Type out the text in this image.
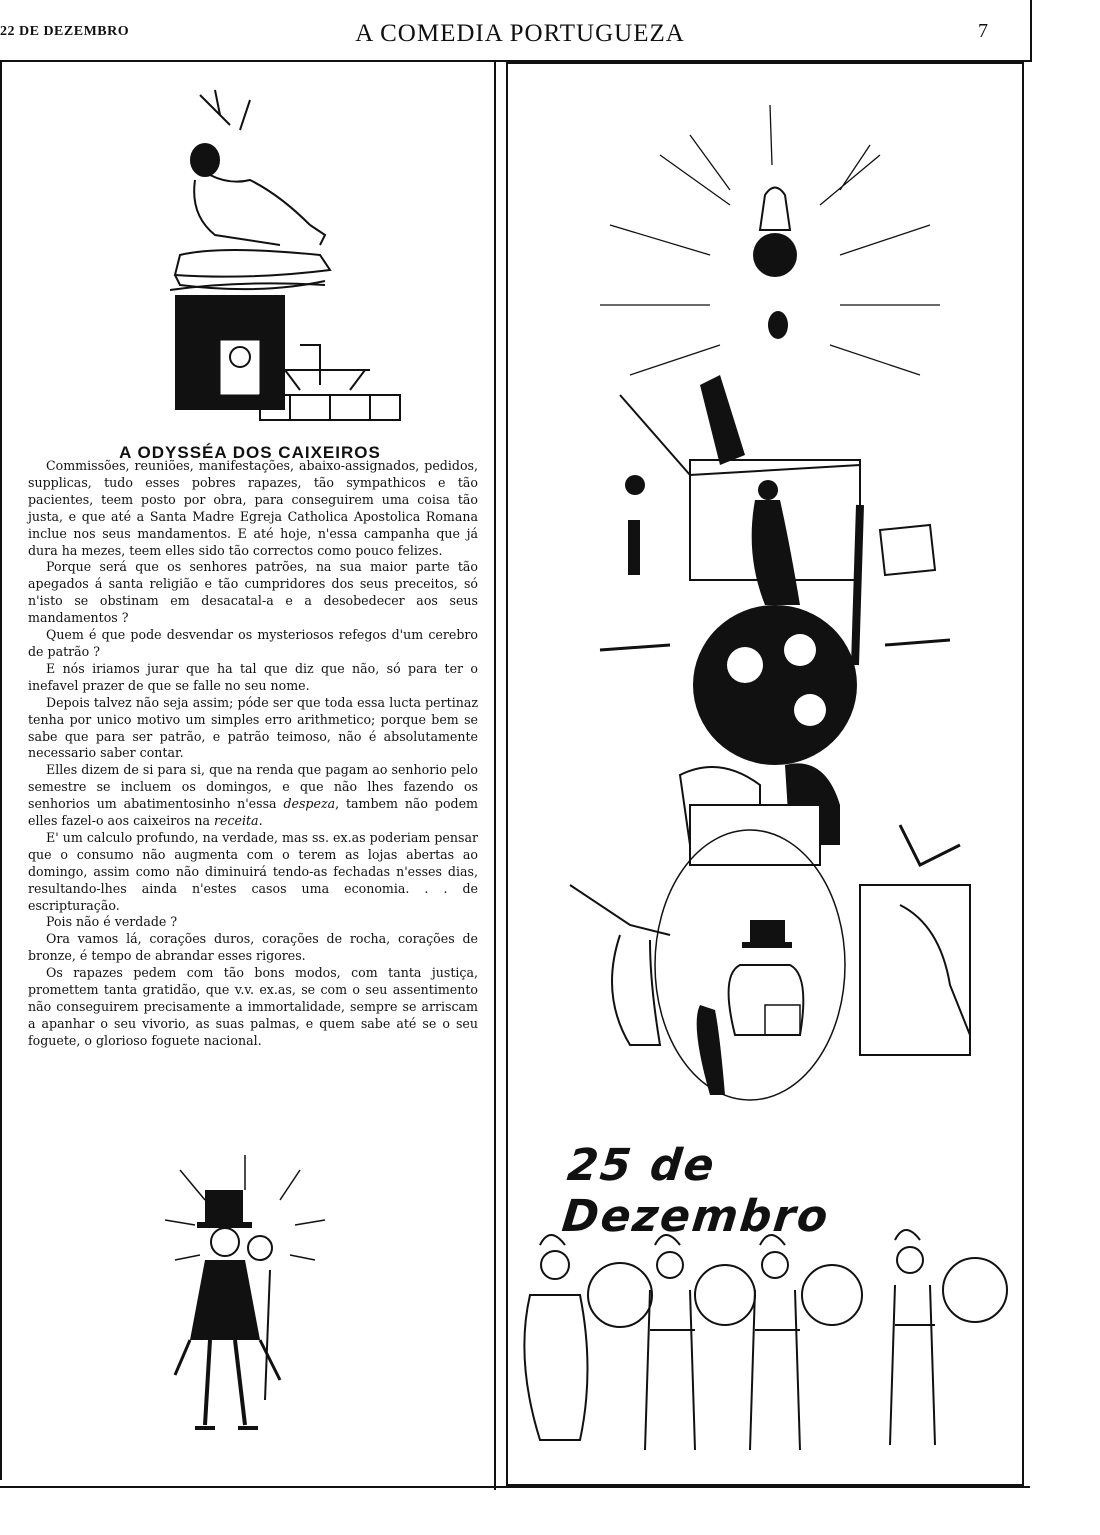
22 DE DEZEMBRO	A COMEDIA PORTUGUEZA	7
A ODYSSÉA DOS CAIXEIROS

Commissões, reuniões, manifestações, abaixo-assignados, pedidos, supplicas, tudo esses pobres rapazes, tão sympathicos e tão pacientes, teem posto por obra, para conseguirem uma coisa tão justa, e que até a Santa Madre Egreja Catholica Apostolica Romana inclue nos seus mandamentos. E até hoje, n'essa campanha que já dura ha mezes, teem elles sido tão correctos como pouco felizes.

Porque será que os senhores patrões, na sua maior parte tão apegados á santa religião e tão cumpridores dos seus preceitos, só n'isto se obstinam em desacatal-a e a desobedecer aos seus mandamentos ?

Quem é que pode desvendar os mysteriosos refegos d'um cerebro de patrão ?

E nós iriamos jurar que ha tal que diz que não, só para ter o inefavel prazer de que se falle no seu nome.

Depois talvez não seja assim; póde ser que toda essa lucta pertinaz tenha por unico motivo um simples erro arithmetico; porque bem se sabe que para ser patrão, e patrão teimoso, não é absolutamente necessario saber contar.

Elles dizem de si para si, que na renda que pagam ao senhorio pelo semestre se incluem os domingos, e que não lhes fazendo os senhorios um abatimentosinho n'essa despeza, tambem não podem elles fazel-o aos caixeiros na receita.

E' um calculo profundo, na verdade, mas ss. ex.as poderiam pensar que o consumo não augmenta com o terem as lojas abertas ao domingo, assim como não diminuirá tendo-as fechadas n'esses dias, resultando-lhes ainda n'estes casos uma economia. . . de escripturação.

Pois não é verdade ?

Ora vamos lá, corações duros, corações de rocha, corações de bronze, é tempo de abrandar esses rigores.

Os rapazes pedem com tão bons modos, com tanta justiça, promettem tanta gratidão, que v.v. ex.as, se com o seu assentimento não conseguirem precisamente a immortalidade, sempre se arriscam a apanhar o seu vivorio, as suas palmas, e quem sabe até se o seu foguete, o glorioso foguete nacional.

25 de Dezembro
